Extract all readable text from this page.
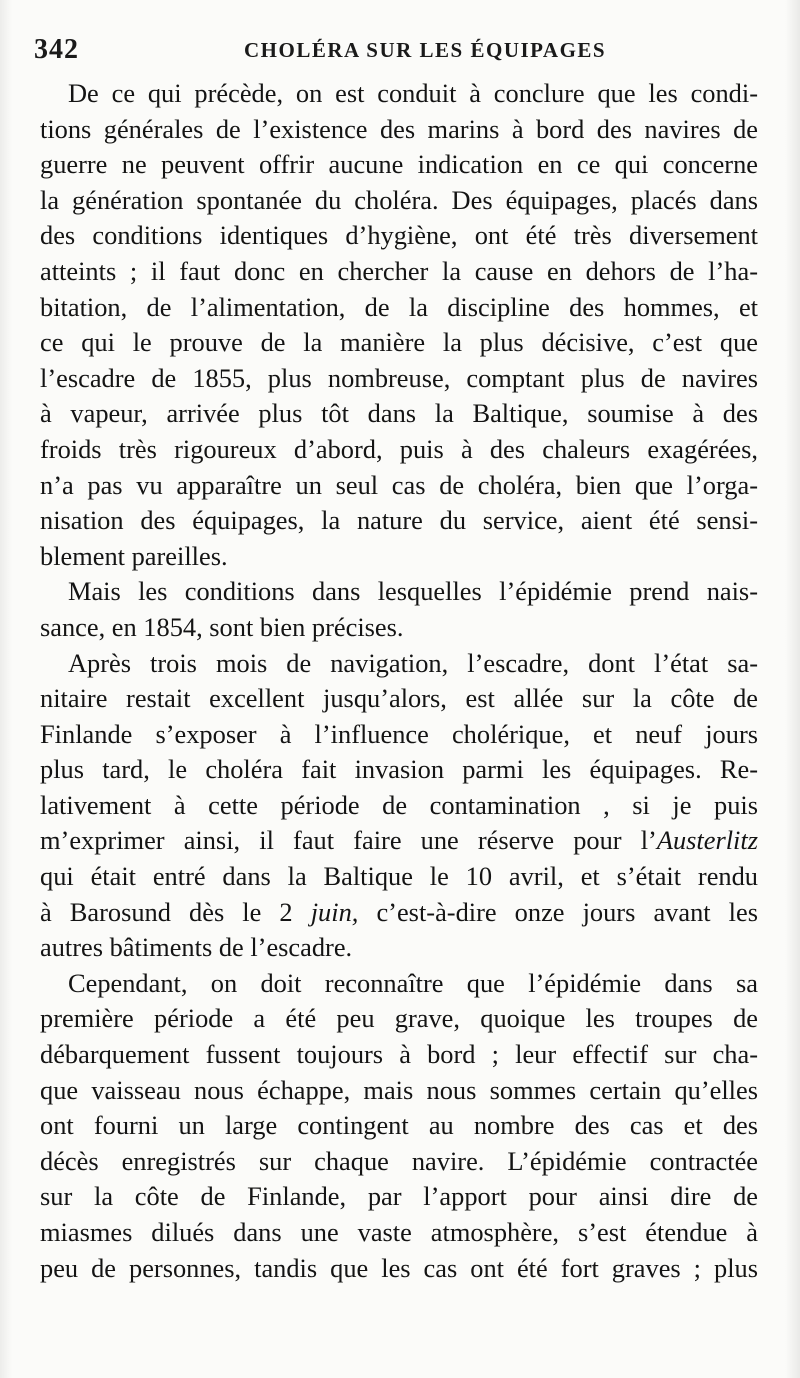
342	CHOLÉRA SUR LES ÉQUIPAGES
De ce qui précède, on est conduit à conclure que les condi-
tions générales de l’existence des marins à bord des navires de
guerre ne peuvent offrir aucune indication en ce qui concerne
la génération spontanée du choléra. Des équipages, placés dans
des conditions identiques d’hygiène, ont été très diversement
atteints ; il faut donc en chercher la cause en dehors de l’ha-
bitation, de l’alimentation, de la discipline des hommes, et
ce qui le prouve de la manière la plus décisive, c’est que
l’escadre de 1855, plus nombreuse, comptant plus de navires
à vapeur, arrivée plus tôt dans la Baltique, soumise à des
froids très rigoureux d’abord, puis à des chaleurs exagérées,
n’a pas vu apparaître un seul cas de choléra, bien que l’orga-
nisation des équipages, la nature du service, aient été sensi-
blement pareilles.
Mais les conditions dans lesquelles l’épidémie prend nais-
sance, en 1854, sont bien précises.
Après trois mois de navigation, l’escadre, dont l’état sa-
nitaire restait excellent jusqu’alors, est allée sur la côte de
Finlande s’exposer à l’influence cholérique, et neuf jours
plus tard, le choléra fait invasion parmi les équipages. Re-
lativement à cette période de contamination , si je puis
m’exprimer ainsi, il faut faire une réserve pour l’Austerlitz
qui était entré dans la Baltique le 10 avril, et s’était rendu
à Barosund dès le 2 juin, c’est-à-dire onze jours avant les
autres bâtiments de l’escadre.
Cependant, on doit reconnaître que l’épidémie dans sa
première période a été peu grave, quoique les troupes de
débarquement fussent toujours à bord ; leur effectif sur cha-
que vaisseau nous échappe, mais nous sommes certain qu’elles
ont fourni un large contingent au nombre des cas et des
décès enregistrés sur chaque navire. L’épidémie contractée
sur la côte de Finlande, par l’apport pour ainsi dire de
miasmes dilués dans une vaste atmosphère, s’est étendue à
peu de personnes, tandis que les cas ont été fort graves ; plus
